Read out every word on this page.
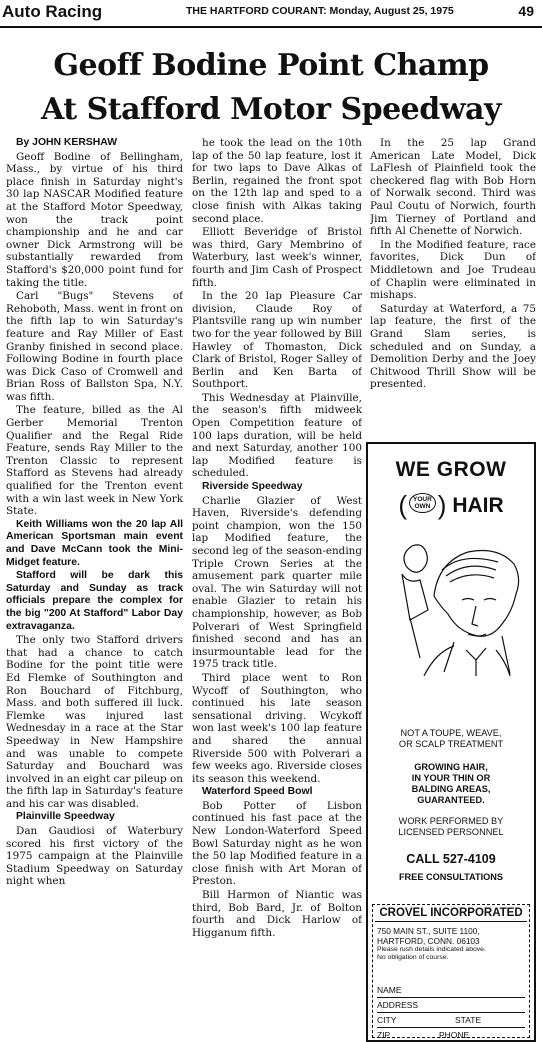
Auto Racing	THE HARTFORD COURANT: Monday, August 25, 1975	49
Geoff Bodine Point Champ
At Stafford Motor Speedway

By JOHN KERSHAW

Geoff Bodine of Bellingham, Mass., by virtue of his third place finish in Saturday night's 30 lap NASCAR Modified feature at the Stafford Motor Speedway, won the track point championship and he and car owner Dick Armstrong will be substantially rewarded from Stafford's $20,000 point fund for taking the title.

Carl "Bugs" Stevens of Rehoboth, Mass. went in front on the fifth lap to win Saturday's feature and Ray Miller of East Granby finished in second place. Following Bodine in fourth place was Dick Caso of Cromwell and Brian Ross of Ballston Spa, N.Y. was fifth.

The feature, billed as the Al Gerber Memorial Trenton Qualifier and the Regal Ride Feature, sends Ray Miller to the Trenton Classic to represent Stafford as Stevens had already qualified for the Trenton event with a win last week in New York State.

Keith Williams won the 20 lap All American Sportsman main event and Dave McCann took the Mini-Midget feature.

Stafford will be dark this Saturday and Sunday as track officials prepare the complex for the big "200 At Stafford" Labor Day extravaganza.

The only two Stafford drivers that had a chance to catch Bodine for the point title were Ed Flemke of Southington and Ron Bouchard of Fitchburg, Mass. and both suffered ill luck. Flemke was injured last Wednesday in a race at the Star Speedway in New Hampshire and was unable to compete Saturday and Bouchard was involved in an eight car pileup on the fifth lap in Saturday's feature and his car was disabled.

Plainville Speedway

Dan Gaudiosi of Waterbury scored his first victory of the 1975 campaign at the Plainville Stadium Speedway on Saturday night when

he took the lead on the 10th lap of the 50 lap feature, lost it for two laps to Dave Alkas of Berlin, regained the front spot on the 12th lap and sped to a close finish with Alkas taking second place.

Elliott Beveridge of Bristol was third, Gary Membrino of Waterbury, last week's winner, fourth and Jim Cash of Prospect fifth.

In the 20 lap Pleasure Car division, Claude Roy of Plantsville rang up win number two for the year followed by Bill Hawley of Thomaston, Dick Clark of Bristol, Roger Salley of Berlin and Ken Barta of Southport.

This Wednesday at Plainville, the season's fifth midweek Open Competition feature of 100 laps duration, will be held and next Saturday, another 100 lap Modified feature is scheduled.

Riverside Speedway

Charlie Glazier of West Haven, Riverside's defending point champion, won the 150 lap Modified feature, the second leg of the season-ending Triple Crown Series at the amusement park quarter mile oval. The win Saturday will not enable Glazier to retain his championship, however, as Bob Polverari of West Springfield finished second and has an insurmountable lead for the 1975 track title.

Third place went to Ron Wycoff of Southington, who continued his late season sensational driving. Wcykoff won last week's 100 lap feature and shared the annual Riverside 500 with Polverari a few weeks ago. Riverside closes its season this weekend.

Waterford Speed Bowl

Bob Potter of Lisbon continued his fast pace at the New London-Waterford Speed Bowl Saturday night as he won the 50 lap Modified feature in a close finish with Art Moran of Preston.

Bill Harmon of Niantic was third, Bob Bard, Jr. of Bolton fourth and Dick Harlow of Higganum fifth.

In the 25 lap Grand American Late Model, Dick LaFlesh of Plainfield took the checkered flag with Bob Horn of Norwalk second. Third was Paul Coutu of Norwich, fourth Jim Tierney of Portland and fifth Al Chenette of Norwich.

In the Modified feature, race favorites, Dick Dun of Middletown and Joe Trudeau of Chaplin were eliminated in mishaps.

Saturday at Waterford, a 75 lap feature, the first of the Grand Slam series, is scheduled and on Sunday, a Demolition Derby and the Joey Chitwood Thrill Show will be presented.

WE GROW
( YOUR
OWN ) HAIR
NOT A TOUPE, WEAVE,
OR SCALP TREATMENT
GROWING HAIR,
IN YOUR THIN OR
BALDING AREAS,
GUARANTEED.
WORK PERFORMED BY
LICENSED PERSONNEL
CALL 527-4109
FREE CONSULTATIONS
CROVEL INCORPORATED
750 MAIN ST., SUITE 1100,
HARTFORD, CONN. 06103
Please rush details indicated above.
No obligation of course.
NAME
ADDRESS
CITY	STATE
ZIP	PHONE
